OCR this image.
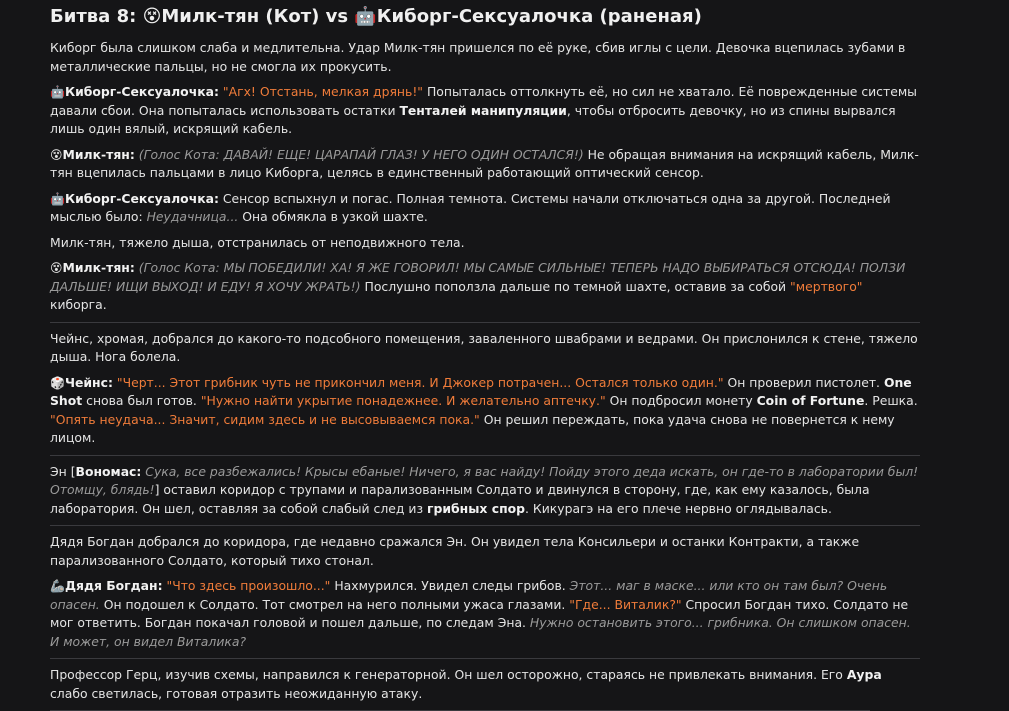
Битва 8: 😵Милк-тян (Кот) vs 🤖Киборг-Сексуалочка (раненая)

Киборг была слишком слаба и медлительна. Удар Милк-тян пришелся по её руке, сбив иглы с цели. Девочка вцепилась зубами в металлические пальцы, но не смогла их прокусить.

🤖Киборг-Сексуалочка: "Агх! Отстань, мелкая дрянь!" Попыталась оттолкнуть её, но сил не хватало. Её поврежденные системы давали сбои. Она попыталась использовать остатки Тенталей манипуляции, чтобы отбросить девочку, но из спины вырвался лишь один вялый, искрящий кабель.

😵Милк-тян: (Голос Кота: ДАВАЙ! ЕЩЕ! ЦАРАПАЙ ГЛАЗ! У НЕГО ОДИН ОСТАЛСЯ!) Не обращая внимания на искрящий кабель, Милк-тян вцепилась пальцами в лицо Киборга, целясь в единственный работающий оптический сенсор.

🤖Киборг-Сексуалочка: Сенсор вспыхнул и погас. Полная темнота. Системы начали отключаться одна за другой. Последней мыслью было: Неудачница... Она обмякла в узкой шахте.

Милк-тян, тяжело дыша, отстранилась от неподвижного тела.

😵Милк-тян: (Голос Кота: МЫ ПОБЕДИЛИ! ХА! Я ЖЕ ГОВОРИЛ! МЫ САМЫЕ СИЛЬНЫЕ! ТЕПЕРЬ НАДО ВЫБИРАТЬСЯ ОТСЮДА! ПОЛЗИ ДАЛЬШЕ! ИЩИ ВЫХОД! И ЕДУ! Я ХОЧУ ЖРАТЬ!) Послушно поползла дальше по темной шахте, оставив за собой "мертвого" киборга.

Чейнс, хромая, добрался до какого-то подсобного помещения, заваленного швабрами и ведрами. Он прислонился к стене, тяжело дыша. Нога болела.

🎲Чейнс: "Черт... Этот грибник чуть не прикончил меня. И Джокер потрачен... Остался только один." Он проверил пистолет. One Shot снова был готов. "Нужно найти укрытие понадежнее. И желательно аптечку." Он подбросил монету Coin of Fortune. Решка. "Опять неудача... Значит, сидим здесь и не высовываемся пока." Он решил переждать, пока удача снова не повернется к нему лицом.

Эн [Вономас: Сука, все разбежались! Крысы ебаные! Ничего, я вас найду! Пойду этого деда искать, он где-то в лаборатории был! Отомщу, блядь!] оставил коридор с трупами и парализованным Солдато и двинулся в сторону, где, как ему казалось, была лаборатория. Он шел, оставляя за собой слабый след из грибных спор. Кикурагэ на его плече нервно оглядывалась.

Дядя Богдан добрался до коридора, где недавно сражался Эн. Он увидел тела Консильери и останки Контракти, а также парализованного Солдато, который тихо стонал.

🦾Дядя Богдан: "Что здесь произошло..." Нахмурился. Увидел следы грибов. Этот... маг в маске... или кто он там был? Очень опасен. Он подошел к Солдато. Тот смотрел на него полными ужаса глазами. "Где... Виталик?" Спросил Богдан тихо. Солдато не мог ответить. Богдан покачал головой и пошел дальше, по следам Эна. Нужно остановить этого... грибника. Он слишком опасен. И может, он видел Виталика?

Профессор Герц, изучив схемы, направился к генераторной. Он шел осторожно, стараясь не привлекать внимания. Его Аура слабо светилась, готовая отразить неожиданную атаку.
